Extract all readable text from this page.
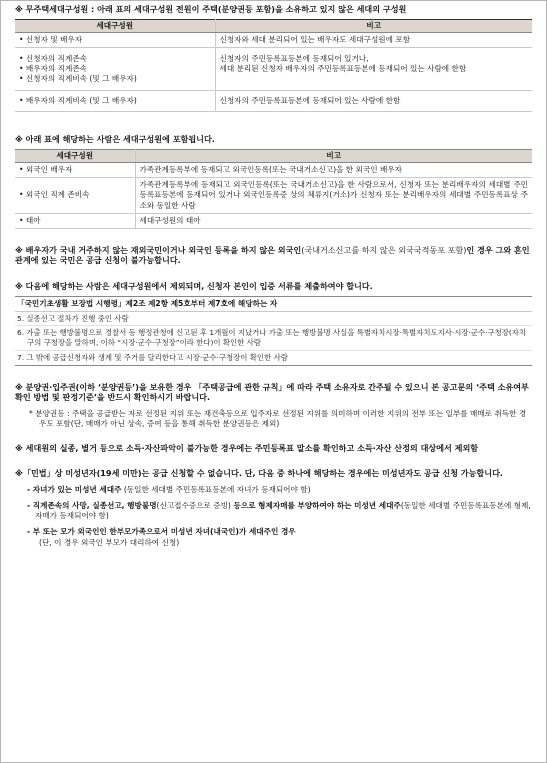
※ 무주택세대구성원 : 아래 표의 세대구성원 전원이 주택(분양권등 포함)을 소유하고 있지 않은 세대의 구성원
세대구성원	비고

• 신청자 및 배우자	신청자와 세대 분리되어 있는 배우자도 세대구성원에 포함

• 신청자의 직계존속
• 배우자의 직계존속
• 신청자의 직계비속 (및 그 배우자)	신청자의 주민등록표등본에 등재되어 있거나,
세대 분리된 신청자 배우자의 주민등록표등본에 등재되어 있는 사람에 한함

• 배우자의 직계비속 (및 그 배우자)	신청자의 주민등록표등본에 등재되어 있는 사람에 한함
※ 아래 표에 해당하는 사람은 세대구성원에 포함됩니다.
세대구성원	비고

• 외국인 배우자	가족관계등록부에 등재되고 외국인등록(또는 국내거소신고)을 한 외국인 배우자

• 외국인 직계 존비속	가족관계등록부에 등재되고 외국인등록(또는 국내거소신고)을 한 사람으로서, 신청자 또는 분리배우자의 세대별 주민등록표등본에 등재되어 있거나 외국인등록증 상의 체류지(거소)가 신청자 또는 분리배우자의 세대별 주민등록표상 주소와 동일한 사람

• 태아	세대구성원의 태아
※ 배우자가 국내 거주하지 않는 재외국민이거나 외국인 등록을 하지 않은 외국인(국내거소신고를 하지 않은 외국국적동포 포함)인 경우 그와 혼인관계에 있는 국민은 공급 신청이 불가능합니다.
※ 다음에 해당하는 사람은 세대구성원에서 제외되며, 신청자 본인이 입증 서류를 제출하여야 합니다.
「국민기초생활 보장법 시행령」제2조 제2항 제5호부터 제7호에 해당하는 자
5. 실종선고 절차가 진행 중인 사람
6. 가출 또는 행방불명으로 경찰서 등 행정관청에 신고된 후 1개월이 지났거나 가출 또는 행방불명 사실을 특별자치시장·특별자치도지사·시장·군수·구청장(자치구의 구청장을 말하며, 이하 “시장·군수·구청장”이라 한다)이 확인한 사람
7. 그 밖에 공급신청자와 생계 및 주거를 달리한다고 시장·군수·구청장이 확인한 사람
※ 분양권·입주권(이하 ‘분양권등’)을 보유한 경우 「주택공급에 관한 규칙」에 따라 주택 소유자로 간주될 수 있으니 본 공고문의 ‘주택 소유여부 확인 방법 및 판정기준’을 반드시 확인하시기 바랍니다.
* 분양권등 : 주택을 공급받는 자로 선정된 지위 또는 재건축등으로 입주자로 선정된 지위를 의미하며 이러한 지위의 전부 또는 일부를 매매로 취득한 경우도 포함(단, 매매가 아닌 상속, 증여 등을 통해 취득한 분양권등은 제외)
※ 세대원의 실종, 별거 등으로 소득·자산파악이 불가능한 경우에는 주민등록표 말소를 확인하고 소득·자산 산정의 대상에서 제외함
※「민법」상 미성년자(19세 미만)는 공급 신청할 수 없습니다. 단, 다음 중 하나에 해당하는 경우에는 미성년자도 공급 신청 가능합니다.
- 자녀가 있는 미성년 세대주 (동일한 세대별 주민등록표등본에 자녀가 등재되어야 함)
- 직계존속의 사망, 실종선고, 행방불명(신고접수증으로 증빙) 등으로 형제자매를 부양하여야 하는 미성년 세대주(동일한 세대별 주민등록표등본에 형제, 자매가 등재되어야 함)
- 부 또는 모가 외국인인 한부모가족으로서 미성년 자녀(내국인)가 세대주인 경우
(단, 이 경우 외국인 부모가 대리하여 신청)
